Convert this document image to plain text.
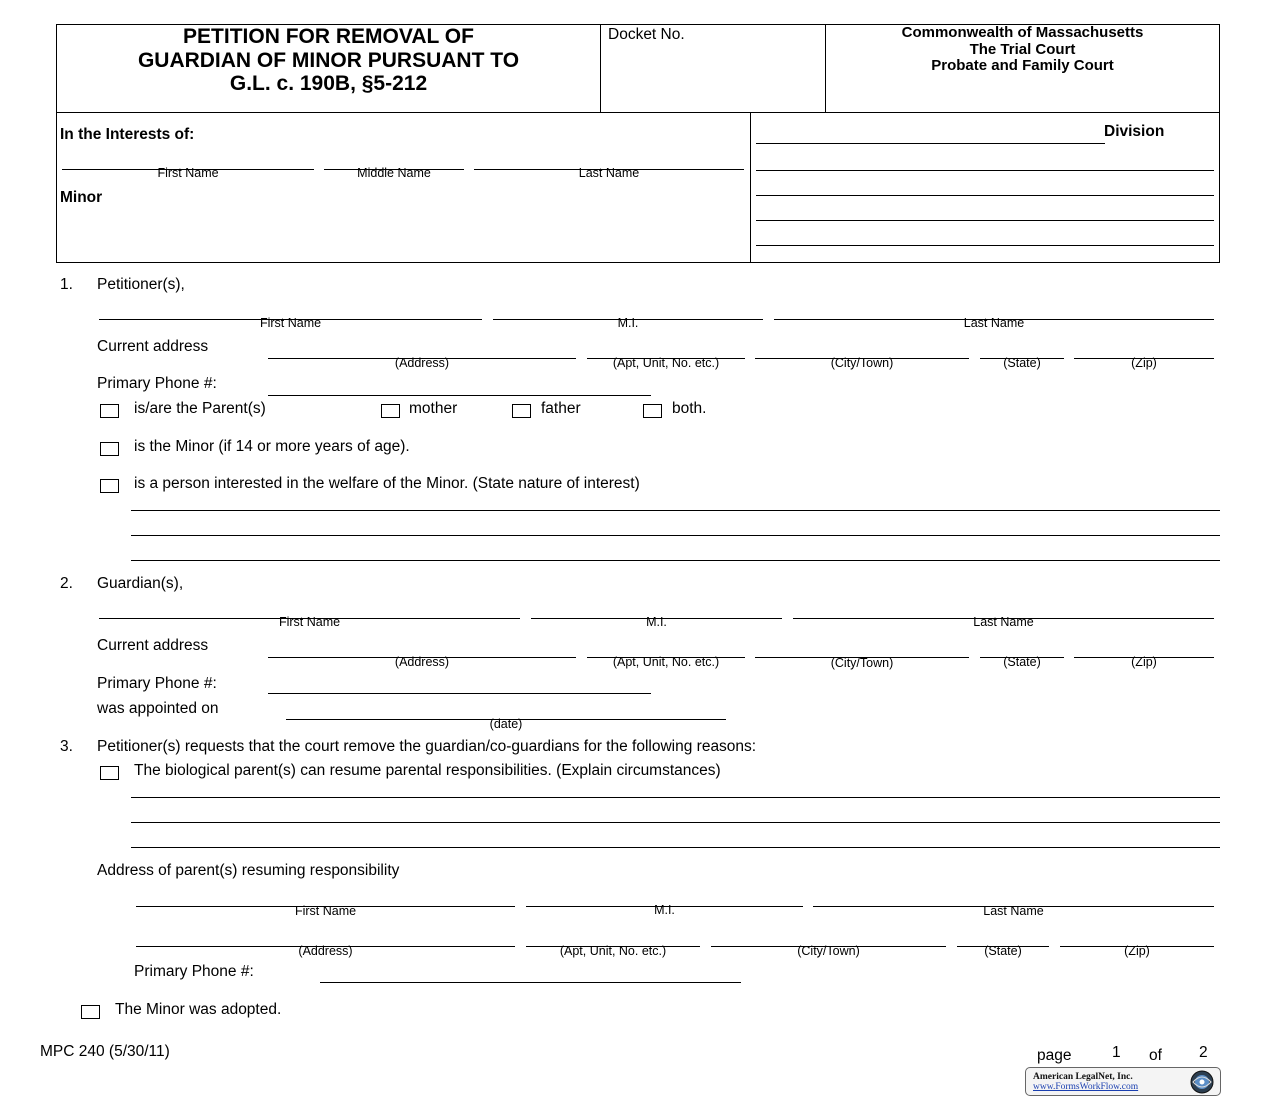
PETITION FOR REMOVAL OF
GUARDIAN OF MINOR PURSUANT TO
G.L. c. 190B, §5-212
Docket No.	Commonwealth of Massachusetts
The Trial Court
Probate and Family Court
In the Interests of:
First Name	Middle Name	Last Name
Minor
Division
1. Petitioner(s),
First Name	M.I.	Last Name
Current address
(Address)	(Apt, Unit, No. etc.)	(City/Town)	(State)	(Zip)
Primary Phone #:
is/are the Parent(s)	mother	father	both.
is the Minor (if 14 or more years of age).
is a person interested in the welfare of the Minor. (State nature of interest)
2. Guardian(s),
First Name	M.I.	Last Name
Current address
(Address)	(Apt, Unit, No. etc.)	(City/Town)	(State)	(Zip)
Primary Phone #:
was appointed on
(date)
3. Petitioner(s) requests that the court remove the guardian/co-guardians for the following reasons:
The biological parent(s) can resume parental responsibilities. (Explain circumstances)
Address of parent(s) resuming responsibility
First Name	M.I.	Last Name
(Address)	(Apt, Unit, No. etc.)	(City/Town)	(State)	(Zip)
Primary Phone #:
The Minor was adopted.
MPC 240 (5/30/11)	page	1 of 2
American LegalNet, Inc.
www.FormsWorkFlow.com
